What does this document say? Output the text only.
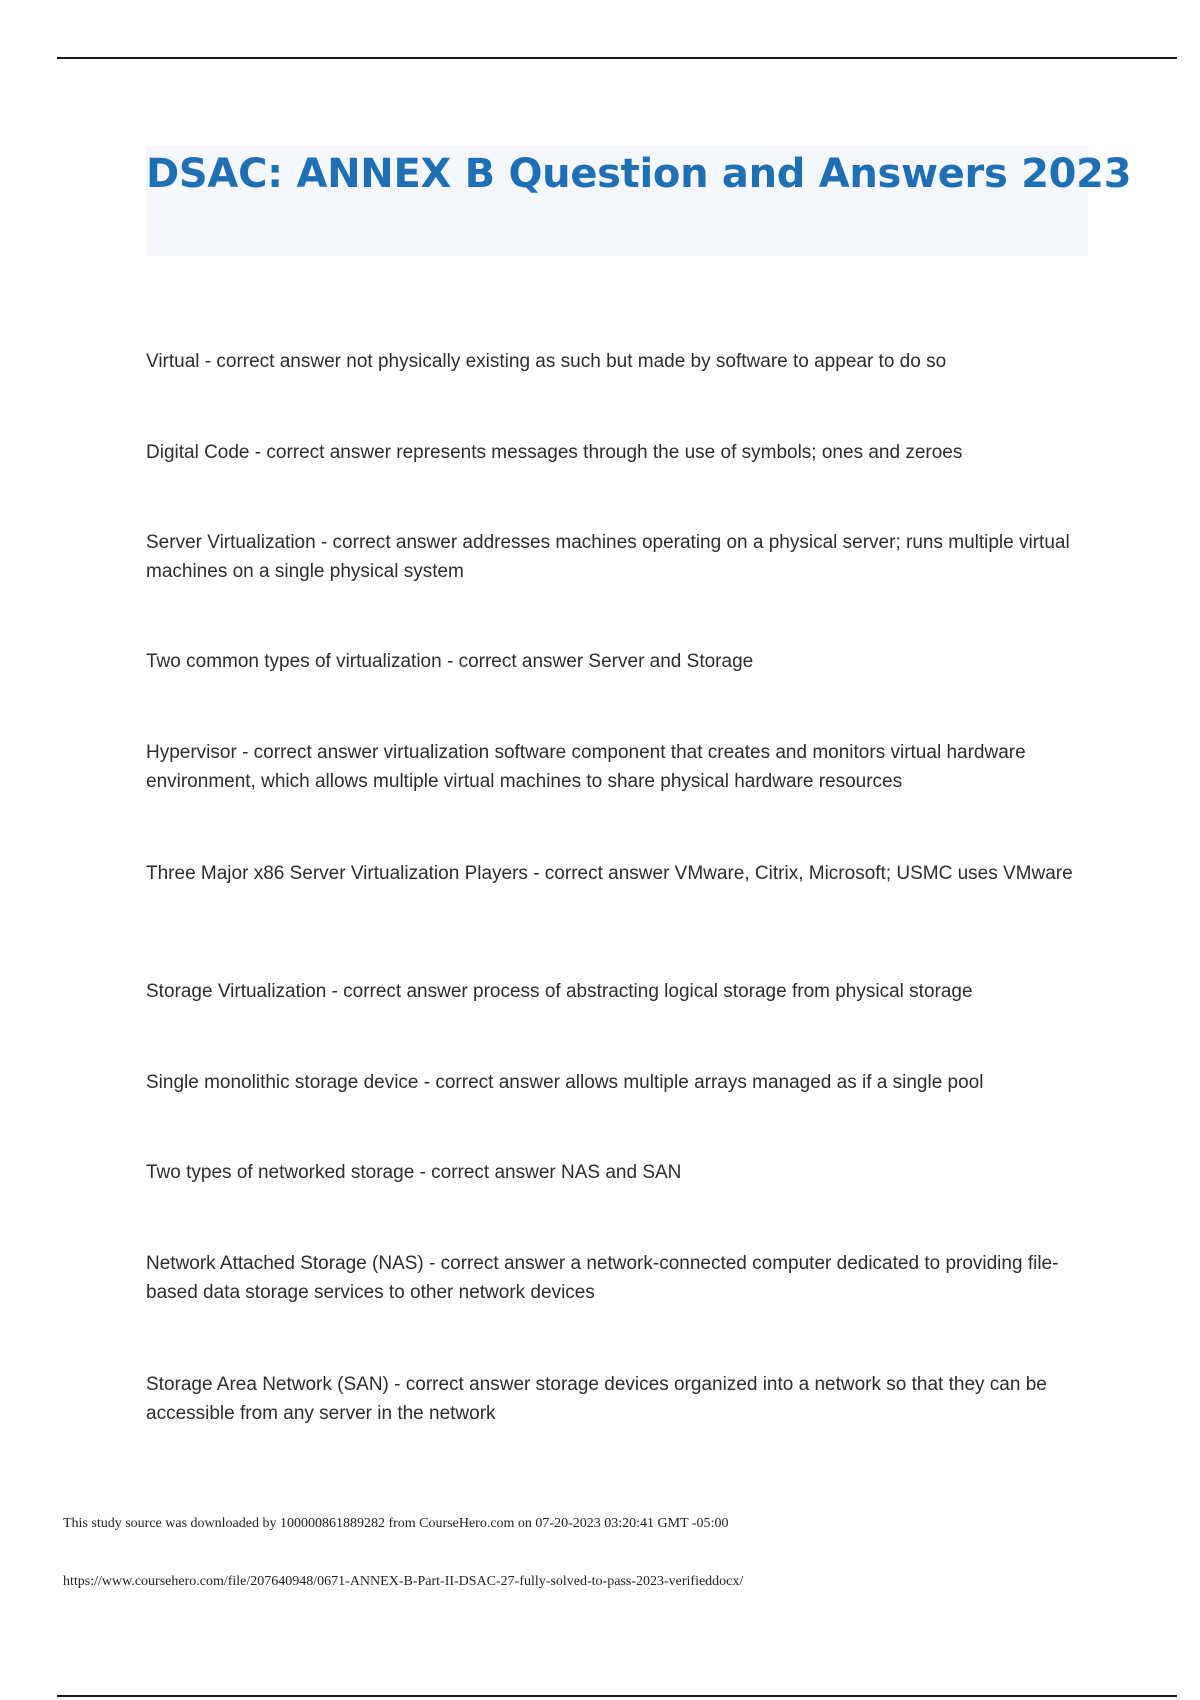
DSAC: ANNEX B Question and Answers 2023

Virtual - correct answer not physically existing as such but made by software to appear to do so

Digital Code - correct answer represents messages through the use of symbols; ones and zeroes

Server Virtualization - correct answer addresses machines operating on a physical server; runs multiple virtual machines on a single physical system

Two common types of virtualization - correct answer Server and Storage

Hypervisor - correct answer virtualization software component that creates and monitors virtual hardware environment, which allows multiple virtual machines to share physical hardware resources

Three Major x86 Server Virtualization Players - correct answer VMware, Citrix, Microsoft; USMC uses VMware

Storage Virtualization - correct answer process of abstracting logical storage from physical storage

Single monolithic storage device - correct answer allows multiple arrays managed as if a single pool

Two types of networked storage - correct answer NAS and SAN

Network Attached Storage (NAS) - correct answer a network-connected computer dedicated to providing file-based data storage services to other network devices

Storage Area Network (SAN) - correct answer storage devices organized into a network so that they can be accessible from any server in the network

This study source was downloaded by 100000861889282 from CourseHero.com on 07-20-2023 03:20:41 GMT -05:00

https://www.coursehero.com/file/207640948/0671-ANNEX-B-Part-II-DSAC-27-fully-solved-to-pass-2023-verifieddocx/
